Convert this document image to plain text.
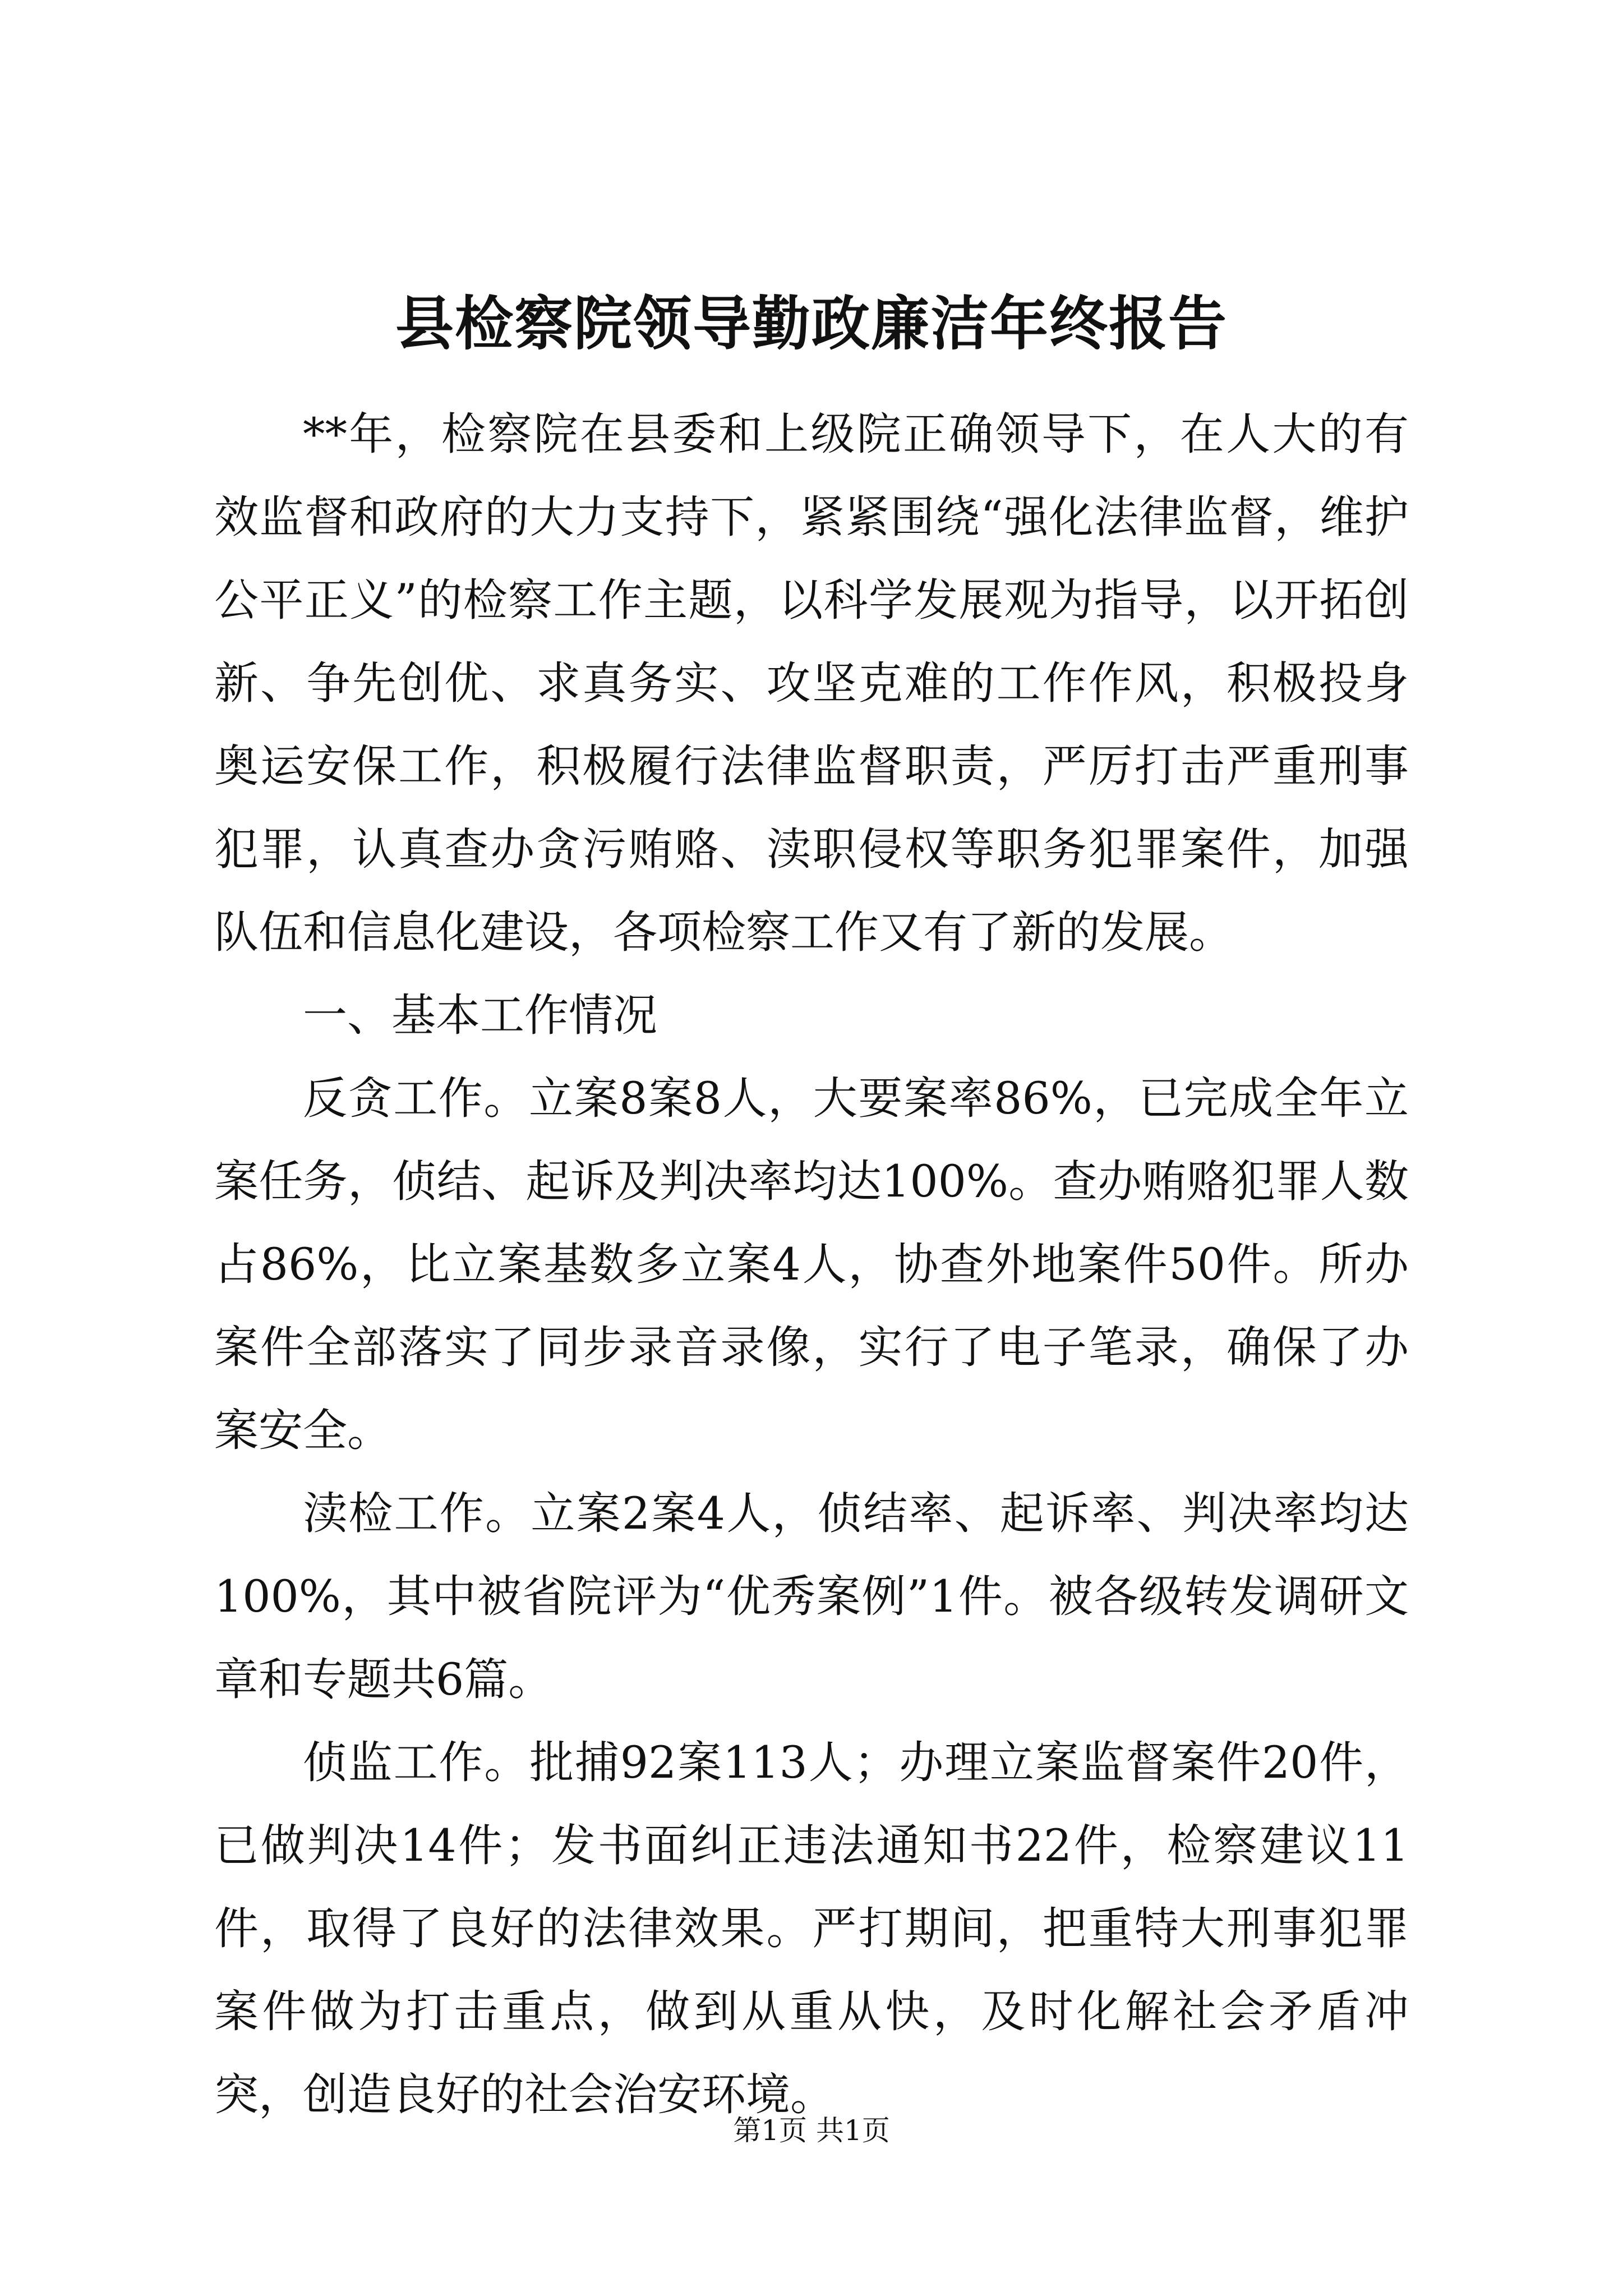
县检察院领导勤政廉洁年终报告

**年，检察院在县委和上级院正确领导下，在人大的有效监督和政府的大力支持下，紧紧围绕“强化法律监督，维护公平正义”的检察工作主题，以科学发展观为指导，以开拓创新、争先创优、求真务实、攻坚克难的工作作风，积极投身奥运安保工作，积极履行法律监督职责，严厉打击严重刑事犯罪，认真查办贪污贿赂、渎职侵权等职务犯罪案件，加强队伍和信息化建设，各项检察工作又有了新的发展。

一、基本工作情况

反贪工作。立案8案8人，大要案率86%，已完成全年立案任务，侦结、起诉及判决率均达100%。查办贿赂犯罪人数占86%，比立案基数多立案4人，协查外地案件50件。所办案件全部落实了同步录音录像，实行了电子笔录，确保了办案安全。

渎检工作。立案2案4人，侦结率、起诉率、判决率均达100%，其中被省院评为“优秀案例”1件。被各级转发调研文章和专题共6篇。

侦监工作。批捕92案113人；办理立案监督案件20件，已做判决14件；发书面纠正违法通知书22件，检察建议11件，取得了良好的法律效果。严打期间，把重特大刑事犯罪案件做为打击重点，做到从重从快，及时化解社会矛盾冲突，创造良好的社会治安环境。

第1页 共1页
